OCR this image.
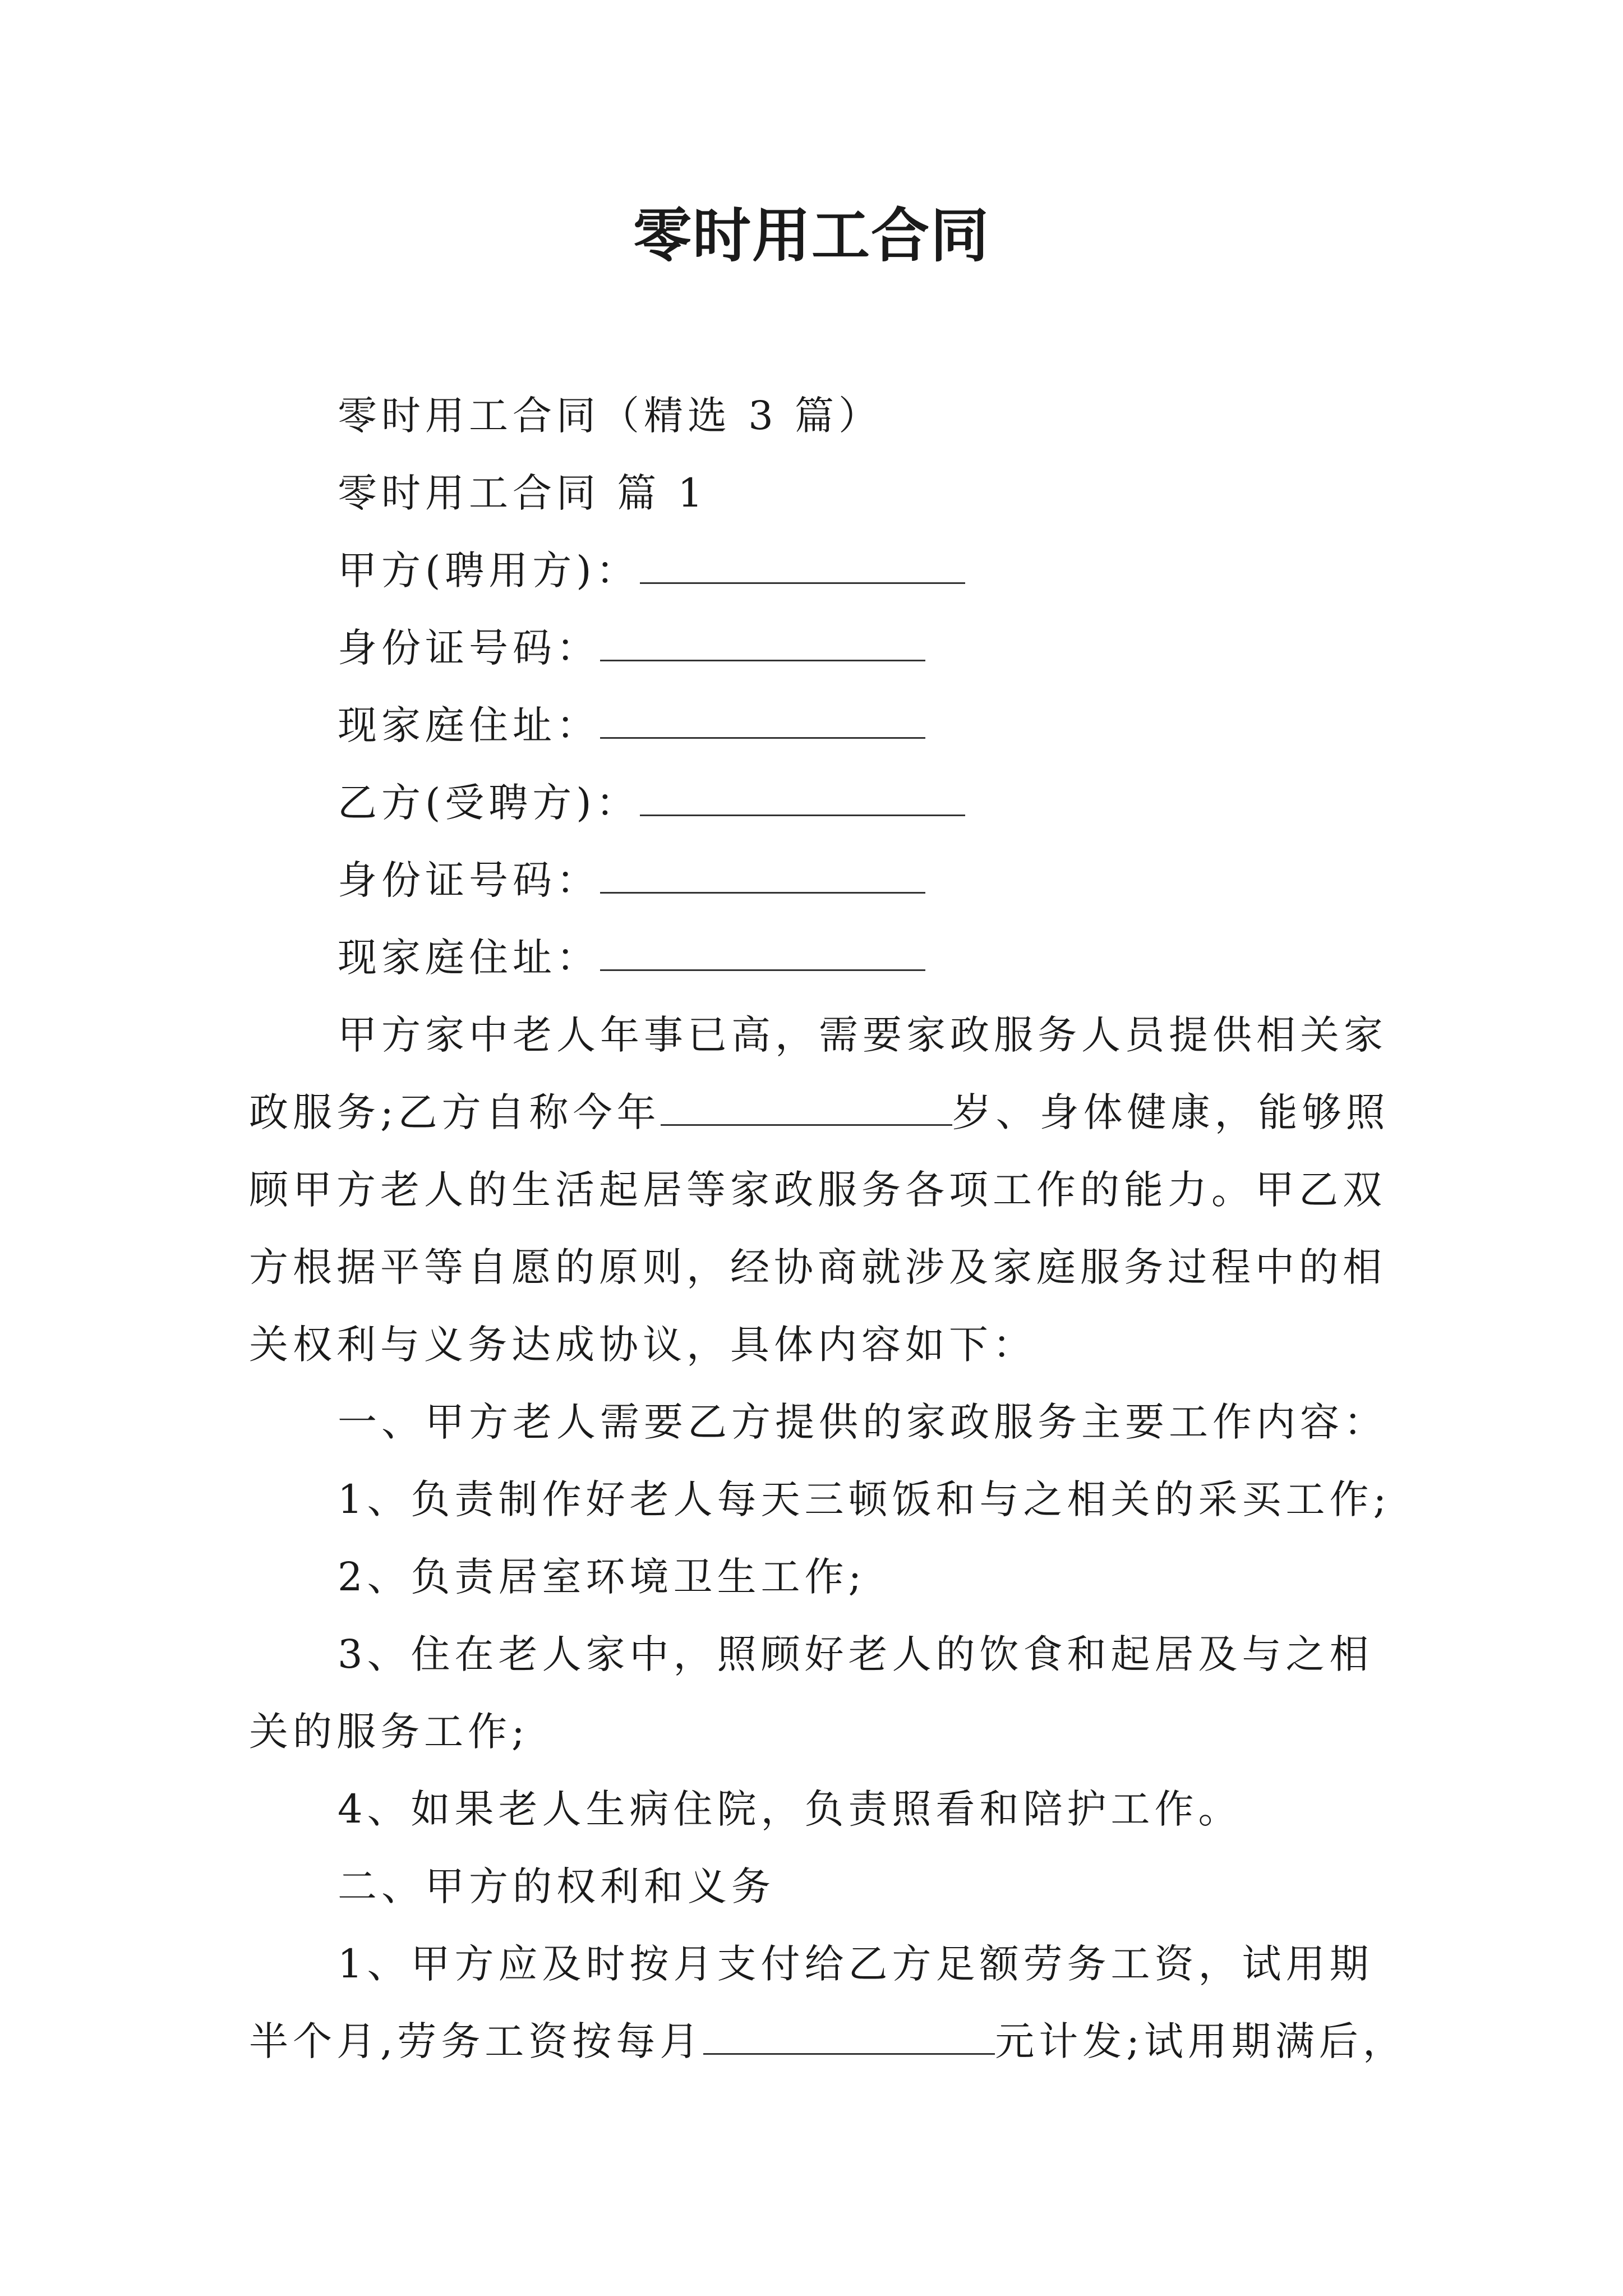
零时用工合同
零时用工合同（精选 3 篇）
零时用工合同 篇 1
甲方(聘用方)：
身份证号码：
现家庭住址：
乙方(受聘方)：
身份证号码：
现家庭住址：
甲方家中老人年事已高，需要家政服务人员提供相关家
政服务;乙方自称今年	岁、身体健康，能够照
顾甲方老人的生活起居等家政服务各项工作的能力。甲乙双
方根据平等自愿的原则，经协商就涉及家庭服务过程中的相
关权利与义务达成协议，具体内容如下：
一、甲方老人需要乙方提供的家政服务主要工作内容：
1、负责制作好老人每天三顿饭和与之相关的采买工作;
2、负责居室环境卫生工作;
3、住在老人家中，照顾好老人的饮食和起居及与之相
关的服务工作;
4、如果老人生病住院，负责照看和陪护工作。
二、甲方的权利和义务
1、甲方应及时按月支付给乙方足额劳务工资，试用期
半个月,劳务工资按每月	元计发;试用期满后，
